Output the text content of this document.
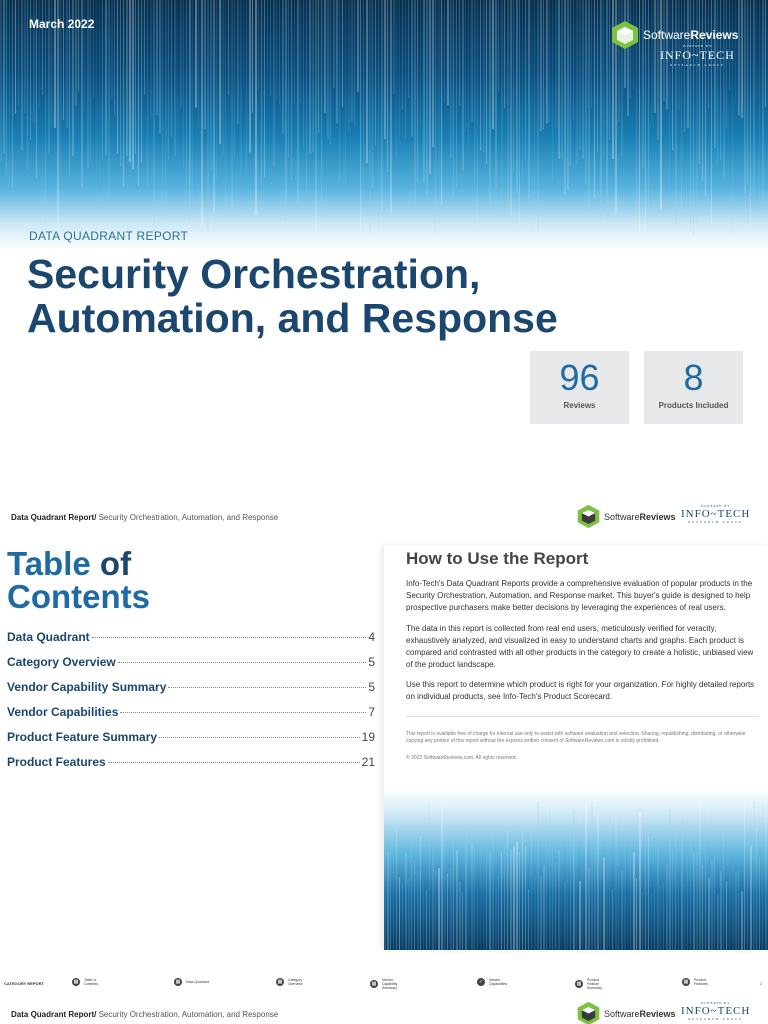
March 2022
SoftwareReviews
POWERED BY
INFO~TECH
RESEARCH GROUP
DATA QUADRANT REPORT
Security Orchestration,
Automation, and Response
96
Reviews
8
Products Included
Data Quadrant Report/ Security Orchestration, Automation, and Response	SoftwareReviews
POWERED BY
INFO~TECH
RESEARCH GROUP
Table of
Contents
Data Quadrant	4
Category Overview	5
Vendor Capability Summary	5
Vendor Capabilities	7
Product Feature Summary	19
Product Features	21
How to Use the Report
Info-Tech's Data Quadrant Reports provide a comprehensive evaluation of popular products in the Security Orchestration, Automation, and Response market. This buyer's guide is designed to help prospective purchasers make better decisions by leveraging the experiences of real users.
The data in this report is collected from real end users, meticulously verified for veracity, exhaustively analyzed, and visualized in easy to understand charts and graphs. Each product is compared and contrasted with all other products in the category to create a holistic, unbiased view of the product landscape.
Use this report to determine which product is right for your organization. For highly detailed reports on individual products, see Info-Tech's Product Scorecard.
This report is available free of charge for internal use only to assist with software evaluation and selection. Sharing, republishing, distributing, or otherwise copying any portion of this report without the express written consent of SoftwareReviews.com is strictly prohibited.
© 2022 SoftwareReviews.com. All rights reserved.
CATEGORY REPORT	▦	Table of Contents	▦	Data Quadrant	▦	Category Overview	▦
Vendor Capability Summary
✓	Vendor Capabilities	▦
Product Feature Summary
▦	Product Features	2
Data Quadrant Report/ Security Orchestration, Automation, and Response	SoftwareReviews
POWERED BY
INFO~TECH
RESEARCH GROUP
